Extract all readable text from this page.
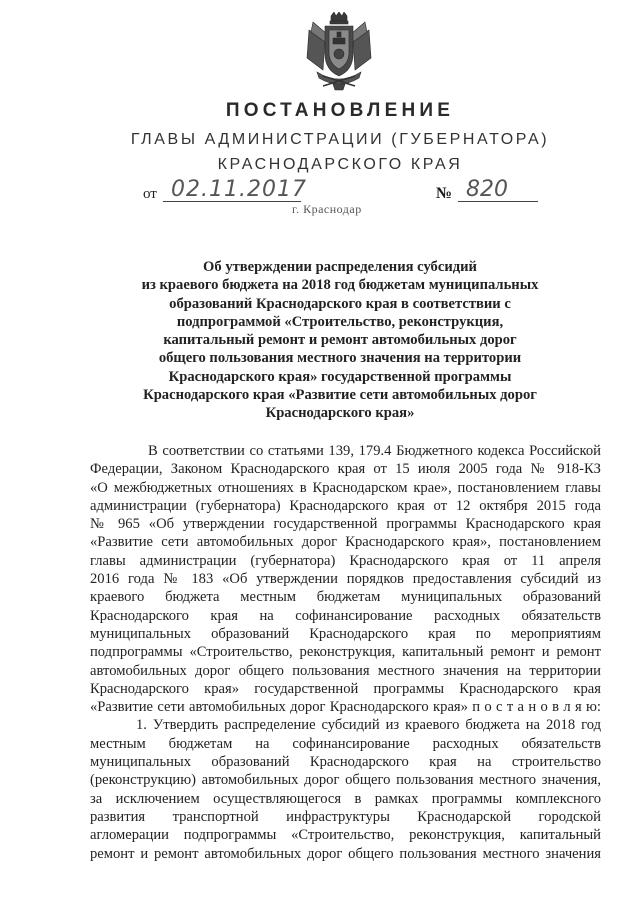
ПОСТАНОВЛЕНИЕ
ГЛАВЫ АДМИНИСТРАЦИИ (ГУБЕРНАТОРА)
КРАСНОДАРСКОГО КРАЯ
от 02.11.2017	№ 820
г. Краснодар
Об утверждении распределения субсидий
из краевого бюджета на 2018 год бюджетам муниципальных
образований Краснодарского края в соответствии с
подпрограммой «Строительство, реконструкция,
капитальный ремонт и ремонт автомобильных дорог
общего пользования местного значения на территории
Краснодарского края» государственной программы
Краснодарского края «Развитие сети автомобильных дорог
Краснодарского края»
В соответствии со статьями 139, 179.4 Бюджетного кодекса Российской
Федерации, Законом Краснодарского края от 15 июля 2005 года № 918-КЗ
«О межбюджетных отношениях в Краснодарском крае», постановлением главы
администрации (губернатора) Краснодарского края от 12 октября 2015 года
№ 965 «Об утверждении государственной программы Краснодарского края
«Развитие сети автомобильных дорог Краснодарского края», постановлением
главы администрации (губернатора) Краснодарского края от 11 апреля
2016 года № 183 «Об утверждении порядков предоставления субсидий из
краевого бюджета местным бюджетам муниципальных образований
Краснодарского края на софинансирование расходных обязательств
муниципальных образований Краснодарского края по мероприятиям
подпрограммы «Строительство, реконструкция, капитальный ремонт и ремонт
автомобильных дорог общего пользования местного значения на территории
Краснодарского края» государственной программы Краснодарского края
«Развитие сети автомобильных дорог Краснодарского края» п о с т а н о в л я ю:
1. Утвердить распределение субсидий из краевого бюджета на 2018 год
местным бюджетам на софинансирование расходных обязательств
муниципальных образований Краснодарского края на строительство
(реконструкцию) автомобильных дорог общего пользования местного значения,
за исключением осуществляющегося в рамках программы комплексного
развития транспортной инфраструктуры Краснодарской городской
агломерации подпрограммы «Строительство, реконструкция, капитальный
ремонт и ремонт автомобильных дорог общего пользования местного значения
